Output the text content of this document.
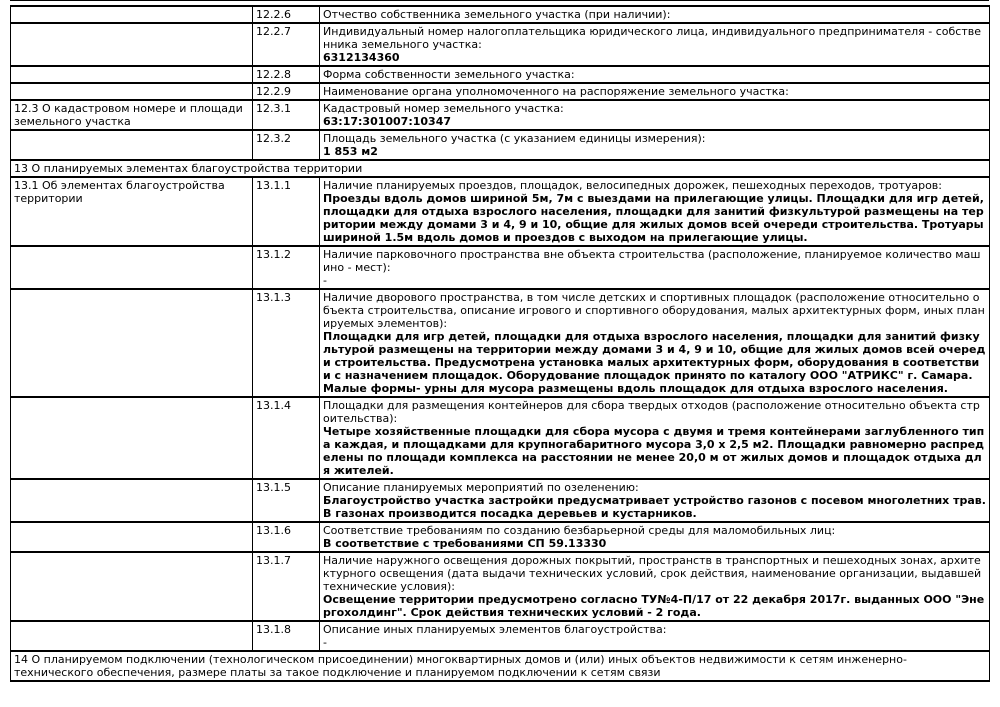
	12.2.6	Отчество собственника земельного участка (при наличии):

	12.2.7	Индивидуальный номер налогоплательщика юридического лица, индивидуального предпринимателя - собственника земельного участка:
6312134360

	12.2.8	Форма собственности земельного участка:

	12.2.9	Наименование органа уполномоченного на распоряжение земельного участка:

12.3 О кадастровом номере и площади земельного участка	12.3.1	Кадастровый номер земельного участка:
63:17:301007:10347

	12.3.2	Площадь земельного участка (с указанием единицы измерения):
1 853 м2

13 О планируемых элементах благоустройства территории		
13.1 Об элементах благоустройства территории	13.1.1	Наличие планируемых проездов, площадок, велосипедных дорожек, пешеходных переходов, тротуаров:
Проезды вдоль домов шириной 5м, 7м с выездами на прилегающие улицы. Площадки для игр детей, площадки для отдыха взрослого населения, площадки для занитий физкультурой размещены на территории между домами 3 и 4, 9 и 10, общие для жилых домов всей очереди строительства. Тротуары шириной 1.5м вдоль домов и проездов с выходом на прилегающие улицы.

	13.1.2	Наличие парковочного пространства вне объекта строительства (расположение, планируемое количество машино - мест):
-

	13.1.3	Наличие дворового пространства, в том числе детских и спортивных площадок (расположение относительно объекта строительства, описание игрового и спортивного оборудования, малых архитектурных форм, иных планируемых элементов):
Площадки для игр детей, площадки для отдыха взрослого населения, площадки для занитий физкультурой размещены на территории между домами 3 и 4, 9 и 10, общие для жилых домов всей очереди строительства. Предусмотрена установка малых архитектурных форм, оборудования в соответствии с назначением площадок. Оборудование площадок принято по каталогу ООО "АТРИКС" г. Самара. Малые формы- урны для мусора размещены вдоль площадок для отдыха взрослого населения.

	13.1.4	Площадки для размещения контейнеров для сбора твердых отходов (расположение относительно объекта строительства):
Четыре хозяйственные площадки для сбора мусора с двумя и тремя контейнерами заглубленного типа каждая, и площадками для крупногабаритного мусора 3,0 х 2,5 м2. Площадки равномерно распределены по площади комплекса на расстоянии не менее 20,0 м от жилых домов и площадок отдыха для жителей.

	13.1.5	Описание планируемых мероприятий по озеленению:
Благоустройство участка застройки предусматривает устройство газонов с посевом многолетних трав. В газонах производится посадка деревьев и кустарников.

	13.1.6	Соответствие требованиям по созданию безбарьерной среды для маломобильных лиц:
В соответствие с требованиями СП 59.13330

	13.1.7	Наличие наружного освещения дорожных покрытий, пространств в транспортных и пешеходных зонах, архитектурного освещения (дата выдачи технических условий, срок действия, наименование организации, выдавшей технические условия):
Освещение территории предусмотрено согласно ТУ№4-П/17 от 22 декабря 2017г. выданных ООО "Энергохолдинг". Срок действия технических условий - 2 года.

	13.1.8	Описание иных планируемых элементов благоустройства:
-

14 О планируемом подключении (технологическом присоединении) многоквартирных домов и (или) иных объектов недвижимости к сетям инженерно-технического обеспечения, размере платы за такое подключение и планируемом подключении к сетям связи		
